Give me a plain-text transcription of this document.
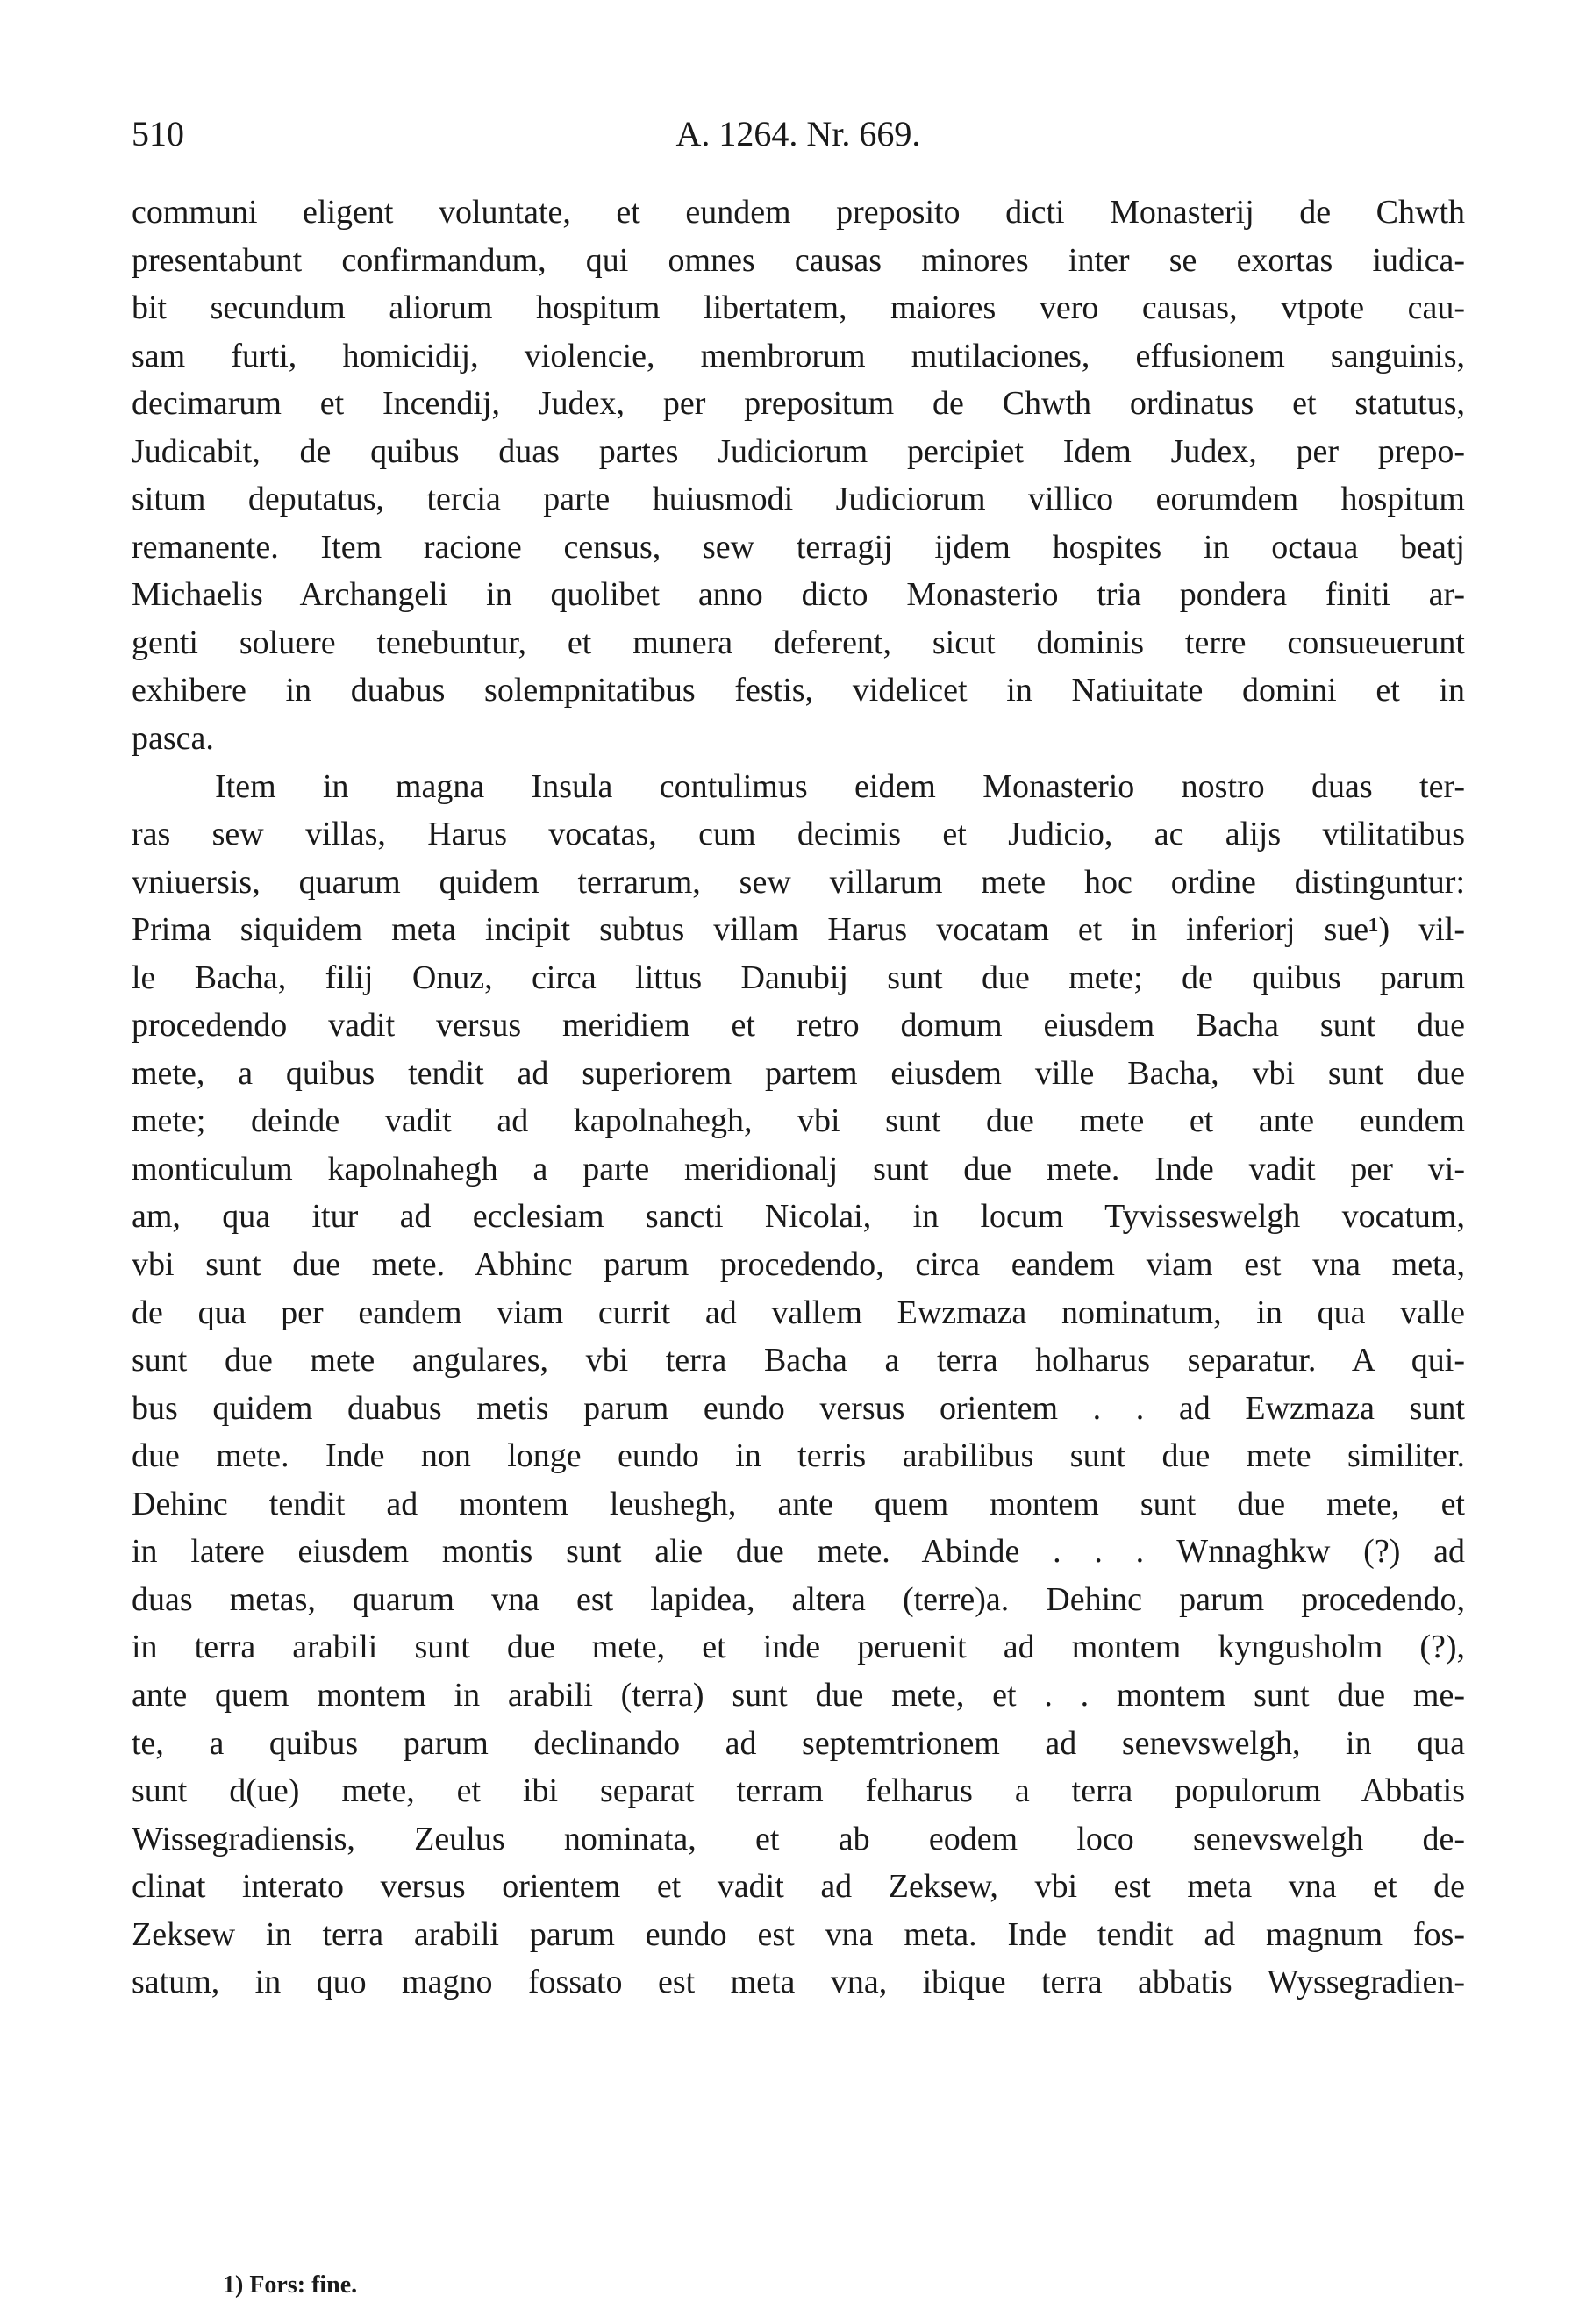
510	A. 1264. Nr. 669.
communi eligent voluntate, et eundem preposito dicti Monasterij de Chwth
presentabunt confirmandum, qui omnes causas minores inter se exortas iudica-
bit secundum aliorum hospitum libertatem, maiores vero causas, vtpote cau-
sam furti, homicidij, violencie, membrorum mutilaciones, effusionem sanguinis,
decimarum et Incendij, Judex, per prepositum de Chwth ordinatus et statutus,
Judicabit, de quibus duas partes Judiciorum percipiet Idem Judex, per prepo-
situm deputatus, tercia parte huiusmodi Judiciorum villico eorumdem hospitum
remanente. Item racione census, sew terragij ijdem hospites in octaua beatj
Michaelis Archangeli in quolibet anno dicto Monasterio tria pondera finiti ar-
genti soluere tenebuntur, et munera deferent, sicut dominis terre consueuerunt
exhibere in duabus solempnitatibus festis, videlicet in Natiuitate domini et in
pasca.
Item in magna Insula contulimus eidem Monasterio nostro duas ter-
ras sew villas, Harus vocatas, cum decimis et Judicio, ac alijs vtilitatibus
vniuersis, quarum quidem terrarum, sew villarum mete hoc ordine distinguntur:
Prima siquidem meta incipit subtus villam Harus vocatam et in inferiorj sue¹) vil-
le Bacha, filij Onuz, circa littus Danubij sunt due mete; de quibus parum
procedendo vadit versus meridiem et retro domum eiusdem Bacha sunt due
mete, a quibus tendit ad superiorem partem eiusdem ville Bacha, vbi sunt due
mete; deinde vadit ad kapolnahegh, vbi sunt due mete et ante eundem
monticulum kapolnahegh a parte meridionalj sunt due mete. Inde vadit per vi-
am, qua itur ad ecclesiam sancti Nicolai, in locum Tyvisseswelgh vocatum,
vbi sunt due mete. Abhinc parum procedendo, circa eandem viam est vna meta,
de qua per eandem viam currit ad vallem Ewzmaza nominatum, in qua valle
sunt due mete angulares, vbi terra Bacha a terra holharus separatur. A qui-
bus quidem duabus metis parum eundo versus orientem . . ad Ewzmaza sunt
due mete. Inde non longe eundo in terris arabilibus sunt due mete similiter.
Dehinc tendit ad montem leushegh, ante quem montem sunt due mete, et
in latere eiusdem montis sunt alie due mete. Abinde . . . Wnnaghkw (?) ad
duas metas, quarum vna est lapidea, altera (terre)a. Dehinc parum procedendo,
in terra arabili sunt due mete, et inde peruenit ad montem kyngusholm (?),
ante quem montem in arabili (terra) sunt due mete, et . . montem sunt due me-
te, a quibus parum declinando ad septemtrionem ad senevswelgh, in qua
sunt d(ue) mete, et ibi separat terram felharus a terra populorum Abbatis
Wissegradiensis, Zeulus nominata, et ab eodem loco senevswelgh de-
clinat interato versus orientem et vadit ad Zeksew, vbi est meta vna et de
Zeksew in terra arabili parum eundo est vna meta. Inde tendit ad magnum fos-
satum, in quo magno fossato est meta vna, ibique terra abbatis Wyssegradien-
1) Fors: fine.
